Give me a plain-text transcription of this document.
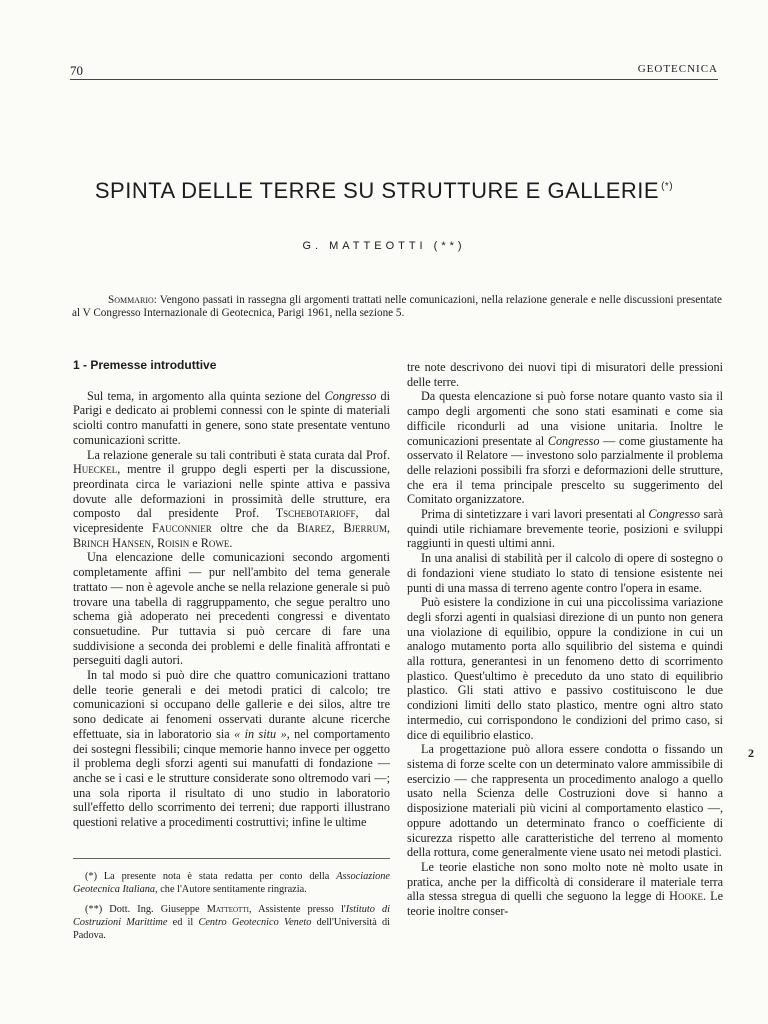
70	GEOTECNICA
SPINTA DELLE TERRE SU STRUTTURE E GALLERIE (*)
G. MATTEOTTI (**)
Sommario: Vengono passati in rassegna gli argomenti trattati nelle comunicazioni, nella relazione generale e nelle discussioni presentate al V Congresso Internazionale di Geotecnica, Parigi 1961, nella sezione 5.
1 - Premesse introduttive

Sul tema, in argomento alla quinta sezione del Congresso di Parigi e dedicato ai problemi connessi con le spinte di materiali sciolti contro manufatti in genere, sono state presentate ventuno comunicazioni scritte.

La relazione generale su tali contributi è stata curata dal Prof. Hueckel, mentre il gruppo degli esperti per la discussione, preordinata circa le variazioni nelle spinte attiva e passiva dovute alle deformazioni in prossimità delle strutture, era composto dal presidente Prof. Tschebotarioff, dal vicepresidente Fauconnier oltre che da Biarez, Bjerrum, Brinch Hansen, Roisin e Rowe.

Una elencazione delle comunicazioni secondo argomenti completamente affini — pur nell'ambito del tema generale trattato — non è agevole anche se nella relazione generale si può trovare una tabella di raggruppamento, che segue peraltro uno schema già adoperato nei precedenti congressi e diventato consuetudine. Pur tuttavia si può cercare di fare una suddivisione a seconda dei problemi e delle finalità affrontati e perseguiti dagli autori.

In tal modo si può dire che quattro comunicazioni trattano delle teorie generali e dei metodi pratici di calcolo; tre comunicazioni si occupano delle gallerie e dei silos, altre tre sono dedicate ai fenomeni osservati durante alcune ricerche effettuate, sia in laboratorio sia « in situ », nel comportamento dei sostegni flessibili; cinque memorie hanno invece per oggetto il problema degli sforzi agenti sui manufatti di fondazione — anche se i casi e le strutture considerate sono oltremodo vari —; una sola riporta il risultato di uno studio in laboratorio sull'effetto dello scorrimento dei terreni; due rapporti illustrano questioni relative a procedimenti costruttivi; infine le ultime

tre note descrivono dei nuovi tipi di misuratori delle pressioni delle terre.

Da questa elencazione si può forse notare quanto vasto sia il campo degli argomenti che sono stati esaminati e come sia difficile ricondurli ad una visione unitaria. Inoltre le comunicazioni presentate al Congresso — come giustamente ha osservato il Relatore — investono solo parzialmente il problema delle relazioni possibili fra sforzi e deformazioni delle strutture, che era il tema principale prescelto su suggerimento del Comitato organizzatore.

Prima di sintetizzare i vari lavori presentati al Congresso sarà quindi utile richiamare brevemente teorie, posizioni e sviluppi raggiunti in questi ultimi anni.

In una analisi di stabilità per il calcolo di opere di sostegno o di fondazioni viene studiato lo stato di tensione esistente nei punti di una massa di terreno agente contro l'opera in esame.

Può esistere la condizione in cui una piccolissima variazione degli sforzi agenti in qualsiasi direzione di un punto non genera una violazione di equilibio, oppure la condizione in cui un analogo mutamento porta allo squilibrio del sistema e quindi alla rottura, generantesi in un fenomeno detto di scorrimento plastico. Quest'ultimo è preceduto da uno stato di equilibrio plastico. Gli stati attivo e passivo costituiscono le due condizioni limiti dello stato plastico, mentre ogni altro stato intermedio, cui corrispondono le condizioni del primo caso, si dice di equilibrio elastico.

La progettazione può allora essere condotta o fissando un sistema di forze scelte con un determinato valore ammissibile di esercizio — che rappresenta un procedimento analogo a quello usato nella Scienza delle Costruzioni dove si hanno a disposizione materiali più vicini al comportamento elastico —, oppure adottando un determinato franco o coefficiente di sicurezza rispetto alle caratteristiche del terreno al momento della rottura, come generalmente viene usato nei metodi plastici.

Le teorie elastiche non sono molto note nè molto usate in pratica, anche per la difficoltà di considerare il materiale terra alla stessa stregua di quelli che seguono la legge di Hooke. Le teorie inoltre conser-

(*) La presente nota è stata redatta per conto della Associazione Geotecnica Italiana, che l'Autore sentitamente ringrazia.

(**) Dott. Ing. Giuseppe Matteotti, Assistente presso l'Istituto di Costruzioni Marittime ed il Centro Geotecnico Veneto dell'Università di Padova.

2
